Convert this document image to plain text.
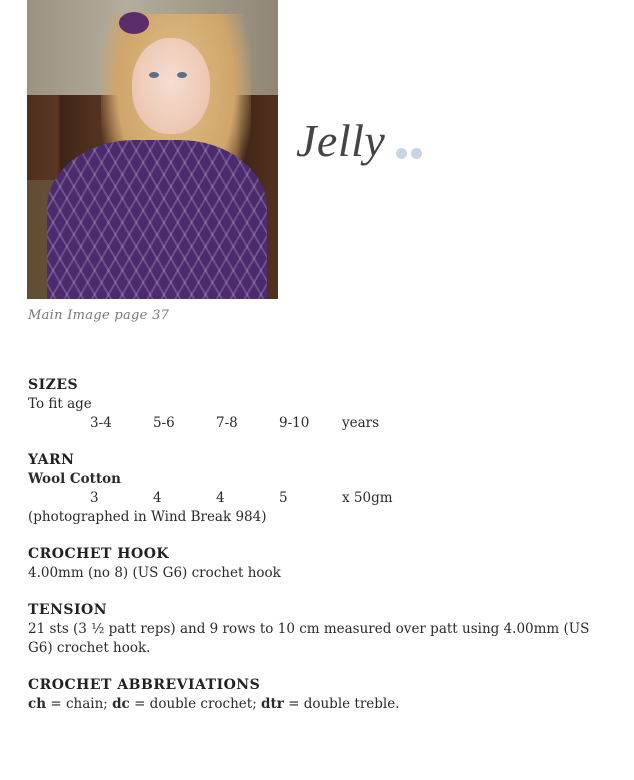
Main Image page 37

Jelly

SIZES

To fit age

3-4	5-6	7-8	9-10	years

YARN

Wool Cotton

3	4	4	5	x 50gm

(photographed in Wind Break 984)

CROCHET HOOK

4.00mm (no 8) (US G6) crochet hook

TENSION

21 sts (3 ½ patt reps) and 9 rows to 10 cm measured over patt using 4.00mm (US G6) crochet hook.

CROCHET ABBREVIATIONS

ch = chain; dc = double crochet; dtr = double treble.
